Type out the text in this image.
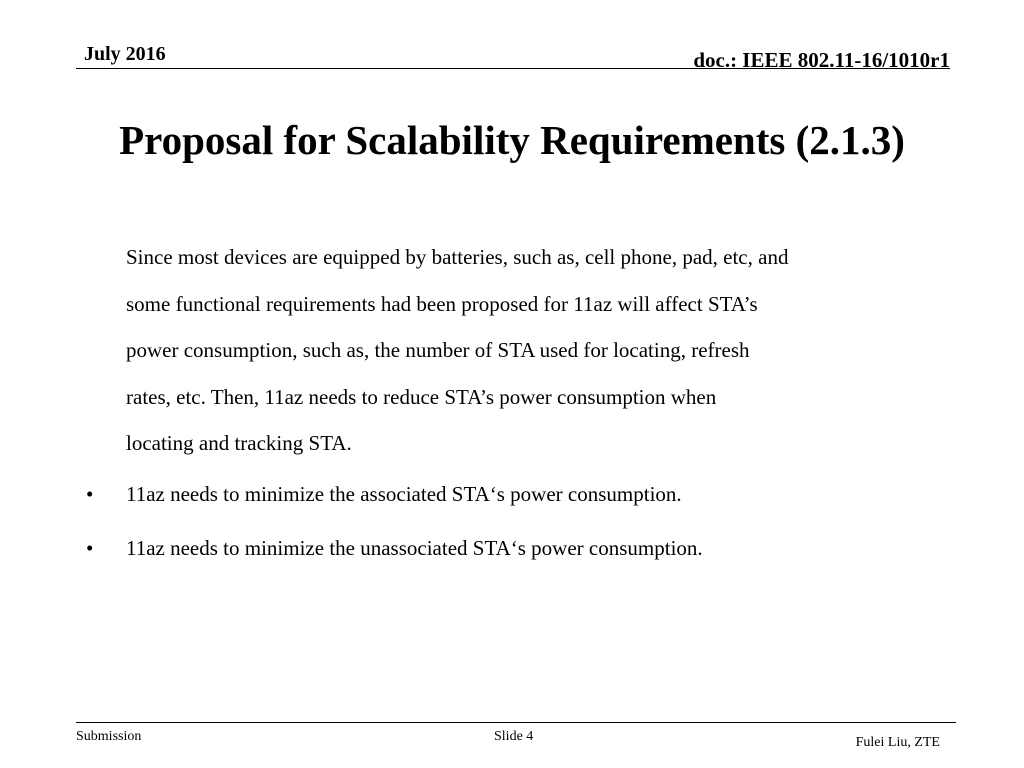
July 2016	doc.: IEEE 802.11-16/1010r1
Proposal for Scalability Requirements (2.1.3)

Since most devices are equipped by batteries, such as, cell phone, pad, etc, and
some functional requirements had been proposed for 11az will affect STA’s
power consumption, such as, the number of STA used for locating, refresh
rates, etc. Then, 11az needs to reduce STA’s power consumption when
locating and tracking STA.

• 11az needs to minimize the associated STA‘s power consumption.
• 11az needs to minimize the unassociated STA‘s power consumption.
Submission	Slide 4	Fulei Liu, ZTE
